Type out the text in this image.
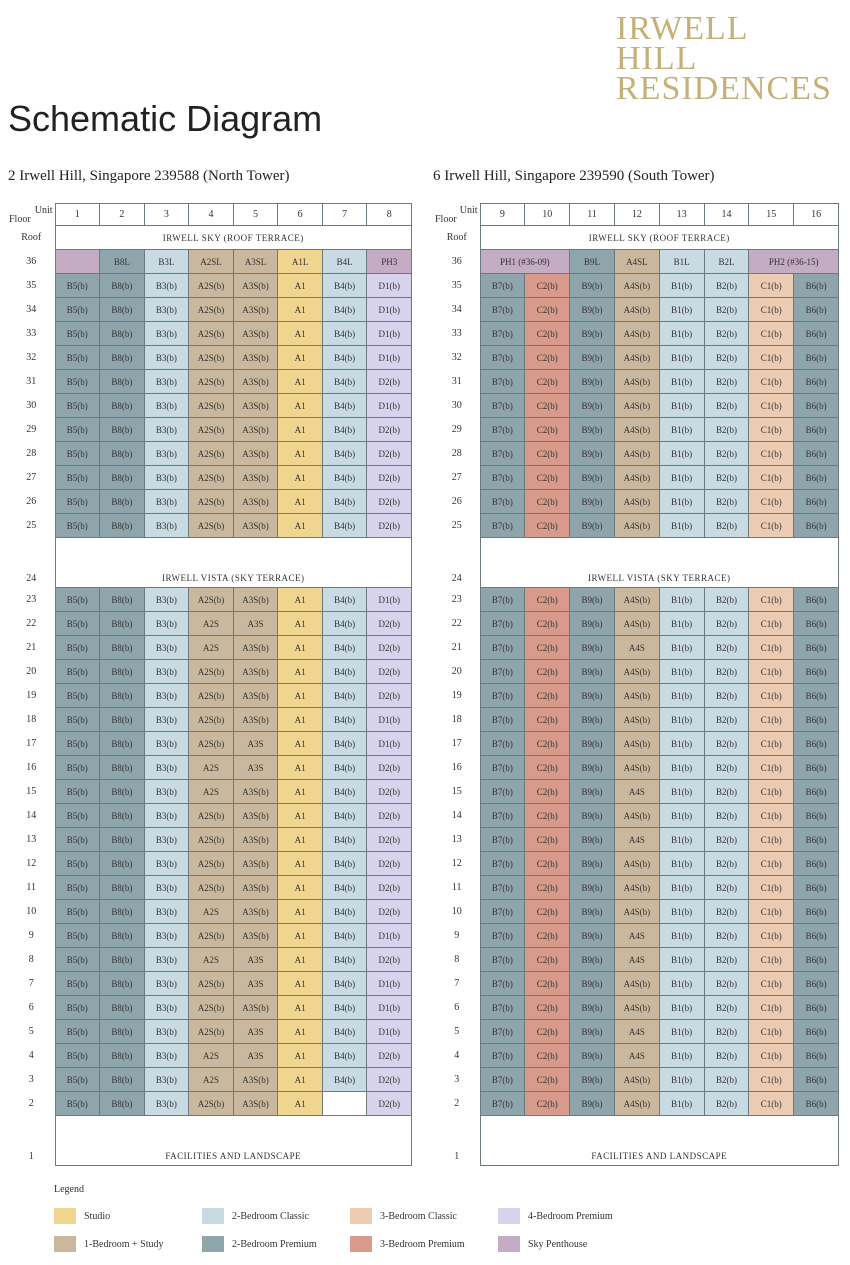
IRWELL
HILL
RESIDENCES
Schematic Diagram
2 Irwell Hill, Singapore 239588 (North Tower)	6 Irwell Hill, Singapore 239590 (South Tower)
Unit
Floor	1	2	3	4	5	6	7	8
Roof	IRWELL SKY (ROOF TERRACE)							
36		B8L	B3L	A2SL	A3SL	A1L	B4L	PH3
35	B5(b)	B8(b)	B3(b)	A2S(b)	A3S(b)	A1	B4(b)	D1(b)
34	B5(b)	B8(b)	B3(b)	A2S(b)	A3S(b)	A1	B4(b)	D1(b)
33	B5(b)	B8(b)	B3(b)	A2S(b)	A3S(b)	A1	B4(b)	D1(b)
32	B5(b)	B8(b)	B3(b)	A2S(b)	A3S(b)	A1	B4(b)	D1(b)
31	B5(b)	B8(b)	B3(b)	A2S(b)	A3S(b)	A1	B4(b)	D2(b)
30	B5(b)	B8(b)	B3(b)	A2S(b)	A3S(b)	A1	B4(b)	D1(b)
29	B5(b)	B8(b)	B3(b)	A2S(b)	A3S(b)	A1	B4(b)	D2(b)
28	B5(b)	B8(b)	B3(b)	A2S(b)	A3S(b)	A1	B4(b)	D2(b)
27	B5(b)	B8(b)	B3(b)	A2S(b)	A3S(b)	A1	B4(b)	D2(b)
26	B5(b)	B8(b)	B3(b)	A2S(b)	A3S(b)	A1	B4(b)	D2(b)
25	B5(b)	B8(b)	B3(b)	A2S(b)	A3S(b)	A1	B4(b)	D2(b)
24	IRWELL VISTA (SKY TERRACE)							
23	B5(b)	B8(b)	B3(b)	A2S(b)	A3S(b)	A1	B4(b)	D1(b)
22	B5(b)	B8(b)	B3(b)	A2S	A3S	A1	B4(b)	D2(b)
21	B5(b)	B8(b)	B3(b)	A2S	A3S(b)	A1	B4(b)	D2(b)
20	B5(b)	B8(b)	B3(b)	A2S(b)	A3S(b)	A1	B4(b)	D2(b)
19	B5(b)	B8(b)	B3(b)	A2S(b)	A3S(b)	A1	B4(b)	D2(b)
18	B5(b)	B8(b)	B3(b)	A2S(b)	A3S(b)	A1	B4(b)	D1(b)
17	B5(b)	B8(b)	B3(b)	A2S(b)	A3S	A1	B4(b)	D1(b)
16	B5(b)	B8(b)	B3(b)	A2S	A3S	A1	B4(b)	D2(b)
15	B5(b)	B8(b)	B3(b)	A2S	A3S(b)	A1	B4(b)	D2(b)
14	B5(b)	B8(b)	B3(b)	A2S(b)	A3S(b)	A1	B4(b)	D2(b)
13	B5(b)	B8(b)	B3(b)	A2S(b)	A3S(b)	A1	B4(b)	D2(b)
12	B5(b)	B8(b)	B3(b)	A2S(b)	A3S(b)	A1	B4(b)	D2(b)
11	B5(b)	B8(b)	B3(b)	A2S(b)	A3S(b)	A1	B4(b)	D2(b)
10	B5(b)	B8(b)	B3(b)	A2S	A3S(b)	A1	B4(b)	D2(b)
9	B5(b)	B8(b)	B3(b)	A2S(b)	A3S(b)	A1	B4(b)	D1(b)
8	B5(b)	B8(b)	B3(b)	A2S	A3S	A1	B4(b)	D2(b)
7	B5(b)	B8(b)	B3(b)	A2S(b)	A3S	A1	B4(b)	D1(b)
6	B5(b)	B8(b)	B3(b)	A2S(b)	A3S(b)	A1	B4(b)	D1(b)
5	B5(b)	B8(b)	B3(b)	A2S(b)	A3S	A1	B4(b)	D1(b)
4	B5(b)	B8(b)	B3(b)	A2S	A3S	A1	B4(b)	D2(b)
3	B5(b)	B8(b)	B3(b)	A2S	A3S(b)	A1	B4(b)	D2(b)
2	B5(b)	B8(b)	B3(b)	A2S(b)	A3S(b)	A1		D2(b)
1	FACILITIES AND LANDSCAPE							
Unit
Floor	9	10	11	12	13	14	15	16
Roof	IRWELL SKY (ROOF TERRACE)							
36	PH1 (#36-09)		B9L	A4SL	B1L	B2L	PH2 (#36-15)	
35	B7(b)	C2(b)	B9(b)	A4S(b)	B1(b)	B2(b)	C1(b)	B6(b)
34	B7(b)	C2(b)	B9(b)	A4S(b)	B1(b)	B2(b)	C1(b)	B6(b)
33	B7(b)	C2(b)	B9(b)	A4S(b)	B1(b)	B2(b)	C1(b)	B6(b)
32	B7(b)	C2(b)	B9(b)	A4S(b)	B1(b)	B2(b)	C1(b)	B6(b)
31	B7(b)	C2(b)	B9(b)	A4S(b)	B1(b)	B2(b)	C1(b)	B6(b)
30	B7(b)	C2(b)	B9(b)	A4S(b)	B1(b)	B2(b)	C1(b)	B6(b)
29	B7(b)	C2(b)	B9(b)	A4S(b)	B1(b)	B2(b)	C1(b)	B6(b)
28	B7(b)	C2(b)	B9(b)	A4S(b)	B1(b)	B2(b)	C1(b)	B6(b)
27	B7(b)	C2(b)	B9(b)	A4S(b)	B1(b)	B2(b)	C1(b)	B6(b)
26	B7(b)	C2(b)	B9(b)	A4S(b)	B1(b)	B2(b)	C1(b)	B6(b)
25	B7(b)	C2(b)	B9(b)	A4S(b)	B1(b)	B2(b)	C1(b)	B6(b)
24	IRWELL VISTA (SKY TERRACE)							
23	B7(b)	C2(b)	B9(b)	A4S(b)	B1(b)	B2(b)	C1(b)	B6(b)
22	B7(b)	C2(b)	B9(b)	A4S(b)	B1(b)	B2(b)	C1(b)	B6(b)
21	B7(b)	C2(b)	B9(b)	A4S	B1(b)	B2(b)	C1(b)	B6(b)
20	B7(b)	C2(b)	B9(b)	A4S(b)	B1(b)	B2(b)	C1(b)	B6(b)
19	B7(b)	C2(b)	B9(b)	A4S(b)	B1(b)	B2(b)	C1(b)	B6(b)
18	B7(b)	C2(b)	B9(b)	A4S(b)	B1(b)	B2(b)	C1(b)	B6(b)
17	B7(b)	C2(b)	B9(b)	A4S(b)	B1(b)	B2(b)	C1(b)	B6(b)
16	B7(b)	C2(b)	B9(b)	A4S(b)	B1(b)	B2(b)	C1(b)	B6(b)
15	B7(b)	C2(b)	B9(b)	A4S	B1(b)	B2(b)	C1(b)	B6(b)
14	B7(b)	C2(b)	B9(b)	A4S(b)	B1(b)	B2(b)	C1(b)	B6(b)
13	B7(b)	C2(b)	B9(b)	A4S	B1(b)	B2(b)	C1(b)	B6(b)
12	B7(b)	C2(b)	B9(b)	A4S(b)	B1(b)	B2(b)	C1(b)	B6(b)
11	B7(b)	C2(b)	B9(b)	A4S(b)	B1(b)	B2(b)	C1(b)	B6(b)
10	B7(b)	C2(b)	B9(b)	A4S(b)	B1(b)	B2(b)	C1(b)	B6(b)
9	B7(b)	C2(b)	B9(b)	A4S	B1(b)	B2(b)	C1(b)	B6(b)
8	B7(b)	C2(b)	B9(b)	A4S	B1(b)	B2(b)	C1(b)	B6(b)
7	B7(b)	C2(b)	B9(b)	A4S(b)	B1(b)	B2(b)	C1(b)	B6(b)
6	B7(b)	C2(b)	B9(b)	A4S(b)	B1(b)	B2(b)	C1(b)	B6(b)
5	B7(b)	C2(b)	B9(b)	A4S	B1(b)	B2(b)	C1(b)	B6(b)
4	B7(b)	C2(b)	B9(b)	A4S	B1(b)	B2(b)	C1(b)	B6(b)
3	B7(b)	C2(b)	B9(b)	A4S(b)	B1(b)	B2(b)	C1(b)	B6(b)
2	B7(b)	C2(b)	B9(b)	A4S(b)	B1(b)	B2(b)	C1(b)	B6(b)
1	FACILITIES AND LANDSCAPE							
Legend
Studio
1-Bedroom + Study
2-Bedroom Classic
2-Bedroom Premium
3-Bedroom Classic
3-Bedroom Premium
4-Bedroom Premium
Sky Penthouse
